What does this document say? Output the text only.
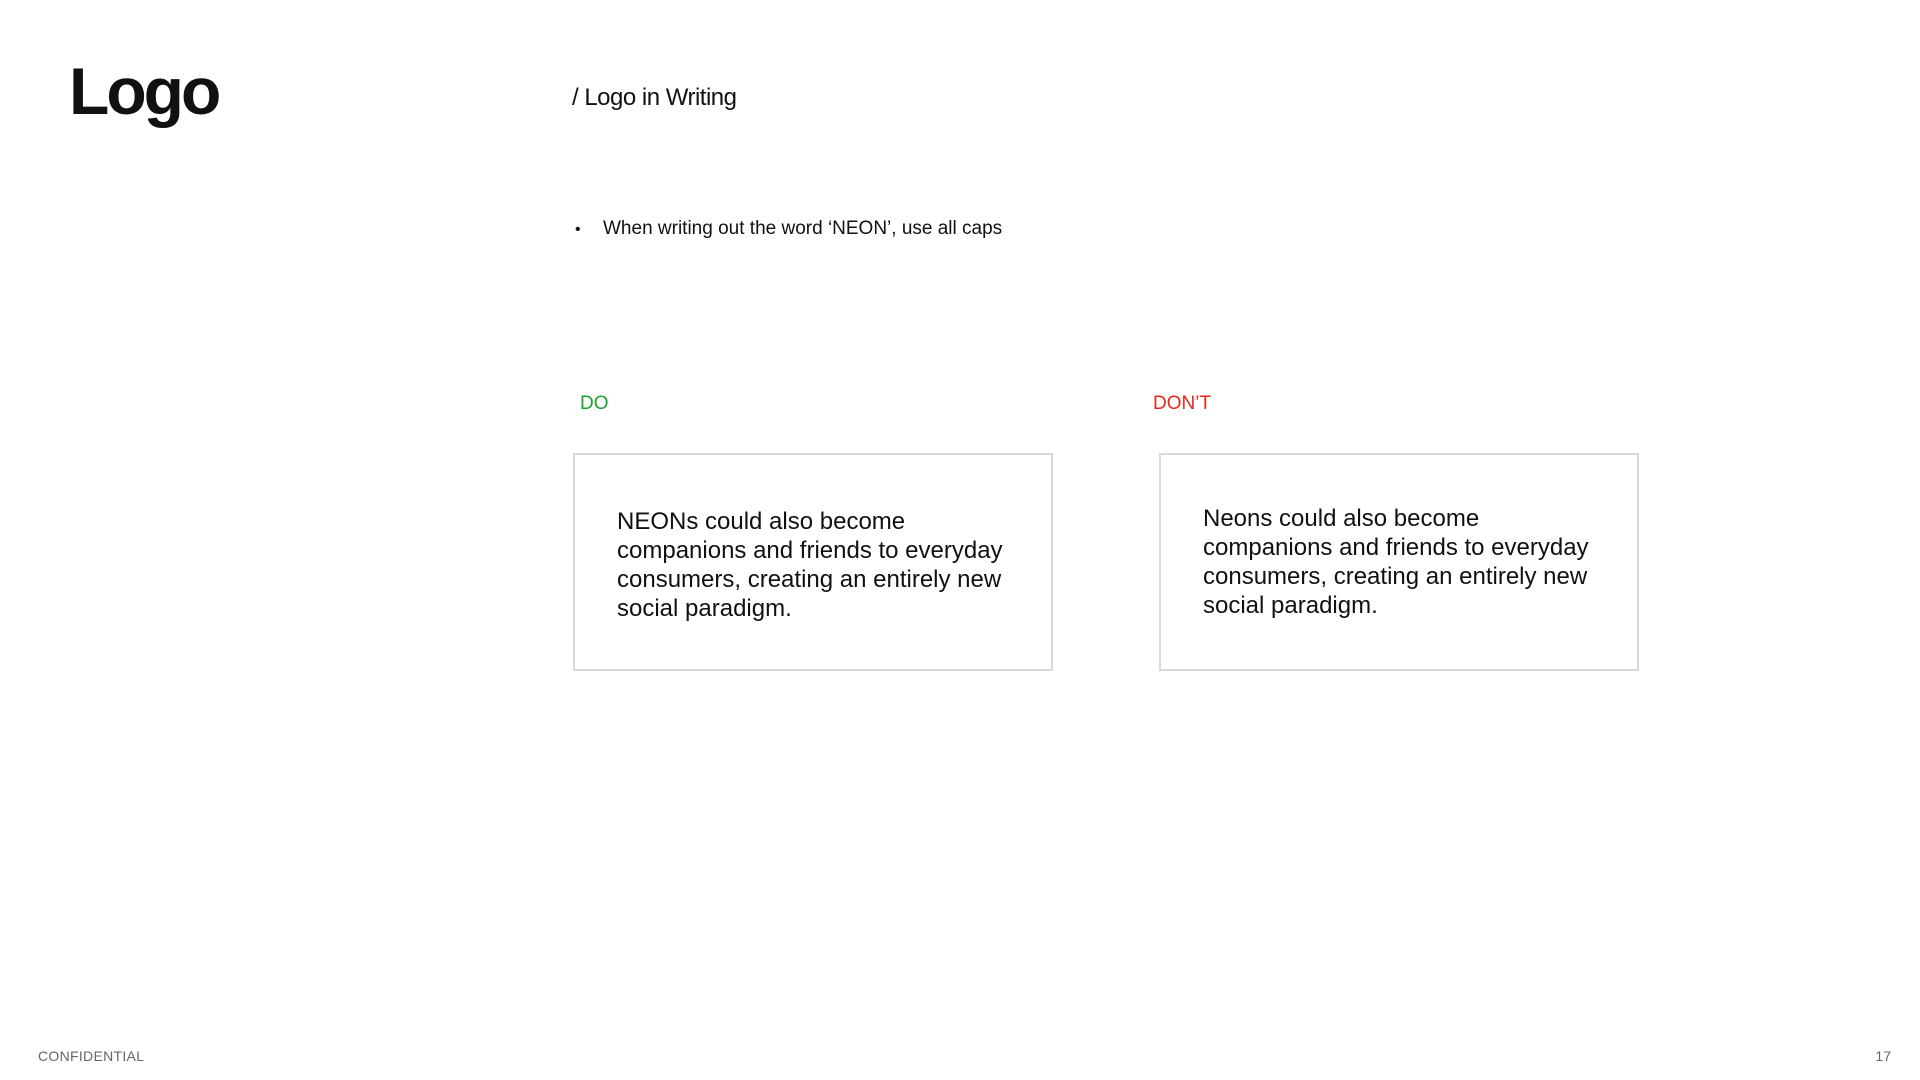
Logo	/ Logo in Writing
•	When writing out the word ‘NEON’, use all caps
DO	DON’T
NEONs could also become companions and friends to everyday consumers, creating an entirely new social paradigm.
Neons could also become companions and friends to everyday consumers, creating an entirely new social paradigm.
CONFIDENTIAL	17
